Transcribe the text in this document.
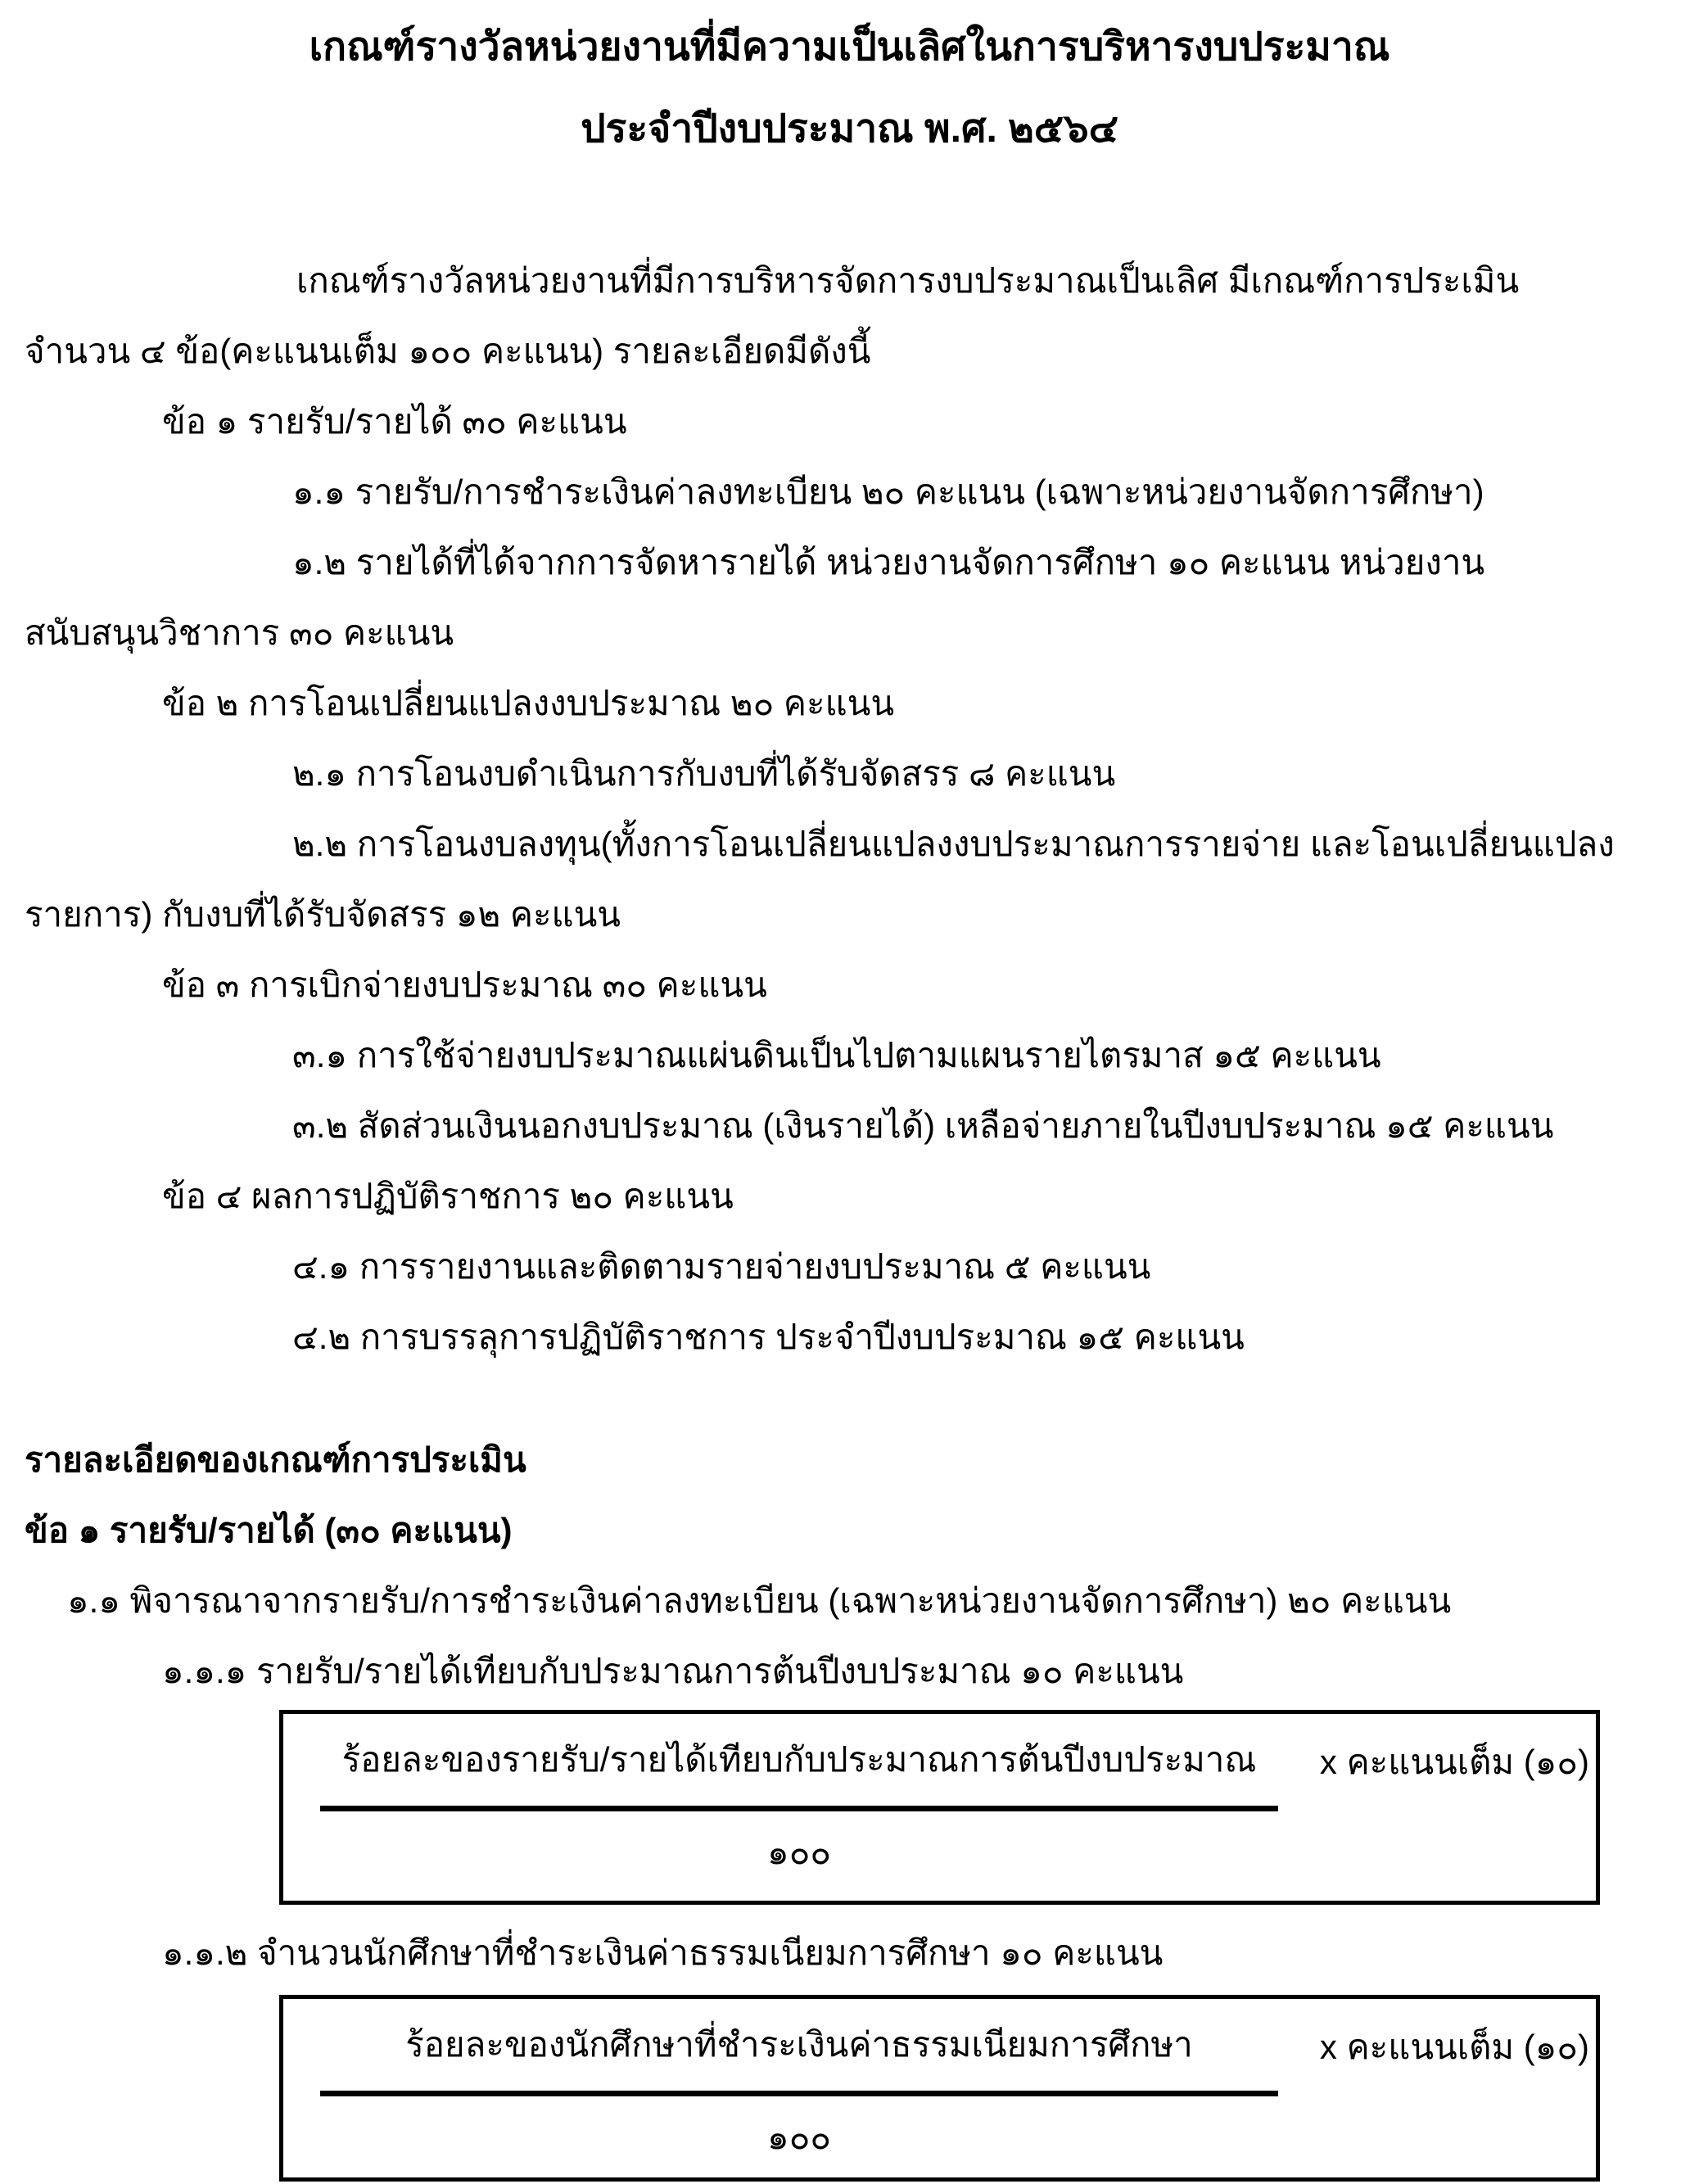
เกณฑ์รางวัลหน่วยงานที่มีความเป็นเลิศในการบริหารงบประมาณ
ประจำปีงบประมาณ พ.ศ. ๒๕๖๔
เกณฑ์รางวัลหน่วยงานที่มีการบริหารจัดการงบประมาณเป็นเลิศ มีเกณฑ์การประเมิน
จำนวน ๔ ข้อ(คะแนนเต็ม ๑๐๐ คะแนน) รายละเอียดมีดังนี้
ข้อ ๑ รายรับ/รายได้ ๓๐ คะแนน
๑.๑ รายรับ/การชำระเงินค่าลงทะเบียน ๒๐ คะแนน (เฉพาะหน่วยงานจัดการศึกษา)
๑.๒ รายได้ที่ได้จากการจัดหารายได้ หน่วยงานจัดการศึกษา ๑๐ คะแนน หน่วยงาน
สนับสนุนวิชาการ ๓๐ คะแนน
ข้อ ๒ การโอนเปลี่ยนแปลงงบประมาณ ๒๐ คะแนน
๒.๑ การโอนงบดำเนินการกับงบที่ได้รับจัดสรร ๘ คะแนน
๒.๒ การโอนงบลงทุน(ทั้งการโอนเปลี่ยนแปลงงบประมาณการรายจ่าย และโอนเปลี่ยนแปลง
รายการ) กับงบที่ได้รับจัดสรร ๑๒ คะแนน
ข้อ ๓ การเบิกจ่ายงบประมาณ ๓๐ คะแนน
๓.๑ การใช้จ่ายงบประมาณแผ่นดินเป็นไปตามแผนรายไตรมาส ๑๕ คะแนน
๓.๒ สัดส่วนเงินนอกงบประมาณ (เงินรายได้) เหลือจ่ายภายในปีงบประมาณ ๑๕ คะแนน
ข้อ ๔ ผลการปฏิบัติราชการ ๒๐ คะแนน
๔.๑ การรายงานและติดตามรายจ่ายงบประมาณ ๕ คะแนน
๔.๒ การบรรลุการปฏิบัติราชการ ประจำปีงบประมาณ ๑๕ คะแนน
รายละเอียดของเกณฑ์การประเมิน
ข้อ ๑ รายรับ/รายได้ (๓๐ คะแนน)
๑.๑ พิจารณาจากรายรับ/การชำระเงินค่าลงทะเบียน (เฉพาะหน่วยงานจัดการศึกษา) ๒๐ คะแนน
๑.๑.๑ รายรับ/รายได้เทียบกับประมาณการต้นปีงบประมาณ ๑๐ คะแนน
ร้อยละของรายรับ/รายได้เทียบกับประมาณการต้นปีงบประมาณ
๑๐๐
x คะแนนเต็ม (๑๐)
๑.๑.๒ จำนวนนักศึกษาที่ชำระเงินค่าธรรมเนียมการศึกษา ๑๐ คะแนน
ร้อยละของนักศึกษาที่ชำระเงินค่าธรรมเนียมการศึกษา
๑๐๐
x คะแนนเต็ม (๑๐)
